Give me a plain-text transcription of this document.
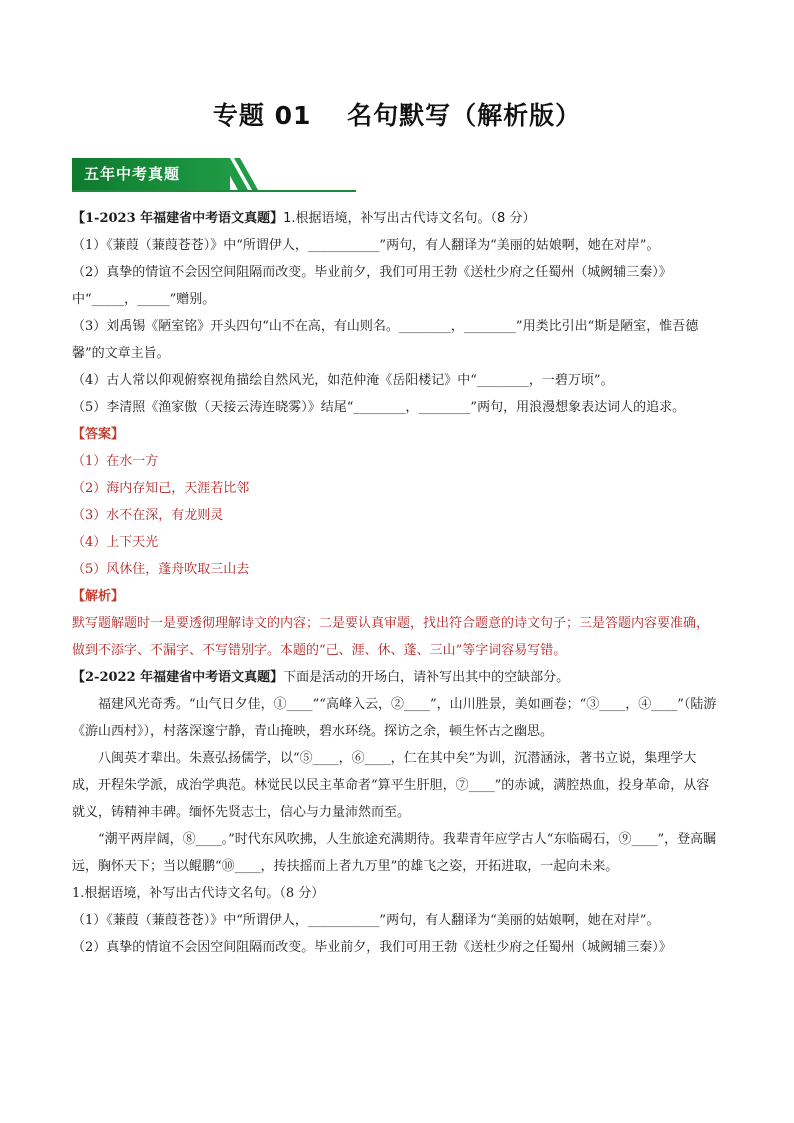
专题 01　 名句默写（解析版）
五年中考真题

【1-2023 年福建省中考语文真题】1.根据语境，补写出古代诗文名句。（8 分）

（1）《蒹葭（蒹葭苍苍）》中“所谓伊人，___________”两句，有人翻译为“美丽的姑娘啊，她在对岸”。

（2）真挚的情谊不会因空间阻隔而改变。毕业前夕，我们可用王勃《送杜少府之任蜀州（城阙辅三秦）》中“_____，_____”赠别。

（3）刘禹锡《陋室铭》开头四句“山不在高，有山则名。________，________”用类比引出“斯是陋室，惟吾德馨”的文章主旨。

（4）古人常以仰观俯察视角描绘自然风光，如范仲淹《岳阳楼记》中“________，一碧万顷”。

（5）李清照《渔家傲（天接云涛连晓雾）》结尾“________，________”两句，用浪漫想象表达词人的追求。

【答案】

（1）在水一方

（2）海内存知己，天涯若比邻

（3）水不在深，有龙则灵

（4）上下天光

（5）风休住，蓬舟吹取三山去

【解析】

默写题解题时一是要透彻理解诗文的内容；二是要认真审题，找出符合题意的诗文句子；三是答题内容要准确，做到不添字、不漏字、不写错别字。本题的“己、涯、休、蓬、三山”等字词容易写错。

【2-2022 年福建省中考语文真题】下面是活动的开场白，请补写出其中的空缺部分。

福建风光奇秀。“山气日夕佳，①____”“高峰入云，②____”，山川胜景，美如画卷；“③____，④____”（陆游《游山西村》），村落深邃宁静，青山掩映，碧水环绕。探访之余，顿生怀古之幽思。

八闽英才辈出。朱熹弘扬儒学，以“⑤____，⑥____，仁在其中矣”为训，沉潜涵泳，著书立说，集理学大成，开程朱学派，成治学典范。林觉民以民主革命者“算平生肝胆，⑦____”的赤诚，满腔热血，投身革命，从容就义，铸精神丰碑。缅怀先贤志士，信心与力量沛然而至。

“潮平两岸阔，⑧____。”时代东风吹拂，人生旅途充满期待。我辈青年应学古人“东临碣石，⑨____”，登高瞩远，胸怀天下；当以鲲鹏“⑩____，抟扶摇而上者九万里”的雄飞之姿，开拓进取，一起向未来。

1.根据语境，补写出古代诗文名句。（8 分）

（1）《蒹葭（蒹葭苍苍）》中“所谓伊人，___________”两句，有人翻译为“美丽的姑娘啊，她在对岸”。

（2）真挚的情谊不会因空间阻隔而改变。毕业前夕，我们可用王勃《送杜少府之任蜀州（城阙辅三秦）》
